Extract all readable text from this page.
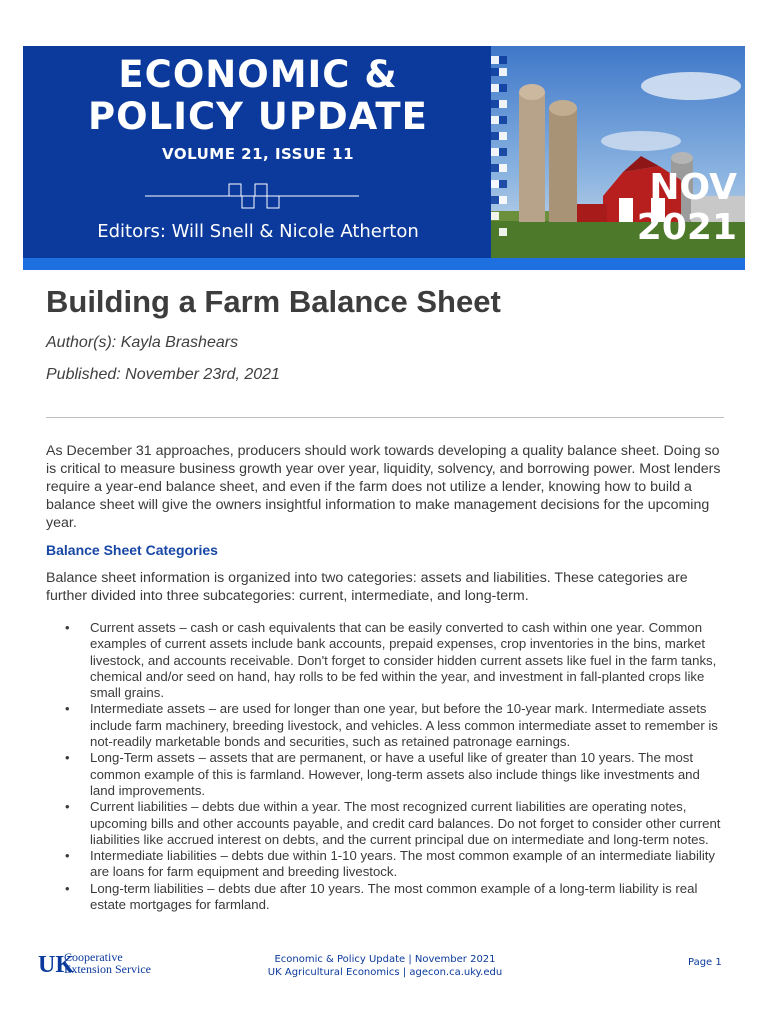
ECONOMIC &
POLICY UPDATE
VOLUME 21, ISSUE 11
Editors: Will Snell & Nicole Atherton
NOV
2021
Building a Farm Balance Sheet
Author(s): Kayla Brashears
Published: November 23rd, 2021

As December 31 approaches, producers should work towards developing a quality balance sheet. Doing so is critical to measure business growth year over year, liquidity, solvency, and borrowing power. Most lenders require a year-end balance sheet, and even if the farm does not utilize a lender, knowing how to build a balance sheet will give the owners insightful information to make management decisions for the upcoming year.

Balance Sheet Categories

Balance sheet information is organized into two categories: assets and liabilities. These categories are further divided into three subcategories: current, intermediate, and long-term.

• Current assets – cash or cash equivalents that can be easily converted to cash within one year. Common examples of current assets include bank accounts, prepaid expenses, crop inventories in the bins, market livestock, and accounts receivable. Don't forget to consider hidden current assets like fuel in the farm tanks, chemical and/or seed on hand, hay rolls to be fed within the year, and investment in fall-planted crops like small grains.
• Intermediate assets – are used for longer than one year, but before the 10-year mark. Intermediate assets include farm machinery, breeding livestock, and vehicles. A less common intermediate asset to remember is not-readily marketable bonds and securities, such as retained patronage earnings.
• Long-Term assets – assets that are permanent, or have a useful like of greater than 10 years. The most common example of this is farmland. However, long-term assets also include things like investments and land improvements.
• Current liabilities – debts due within a year. The most recognized current liabilities are operating notes, upcoming bills and other accounts payable, and credit card balances. Do not forget to consider other current liabilities like accrued interest on debts, and the current principal due on intermediate and long-term notes.
• Intermediate liabilities – debts due within 1-10 years. The most common example of an intermediate liability are loans for farm equipment and breeding livestock.
• Long-term liabilities – debts due after 10 years. The most common example of a long-term liability is real estate mortgages for farmland.
UK
Cooperative
Extension Service
Economic & Policy Update | November 2021
UK Agricultural Economics | agecon.ca.uky.edu
Page 1
